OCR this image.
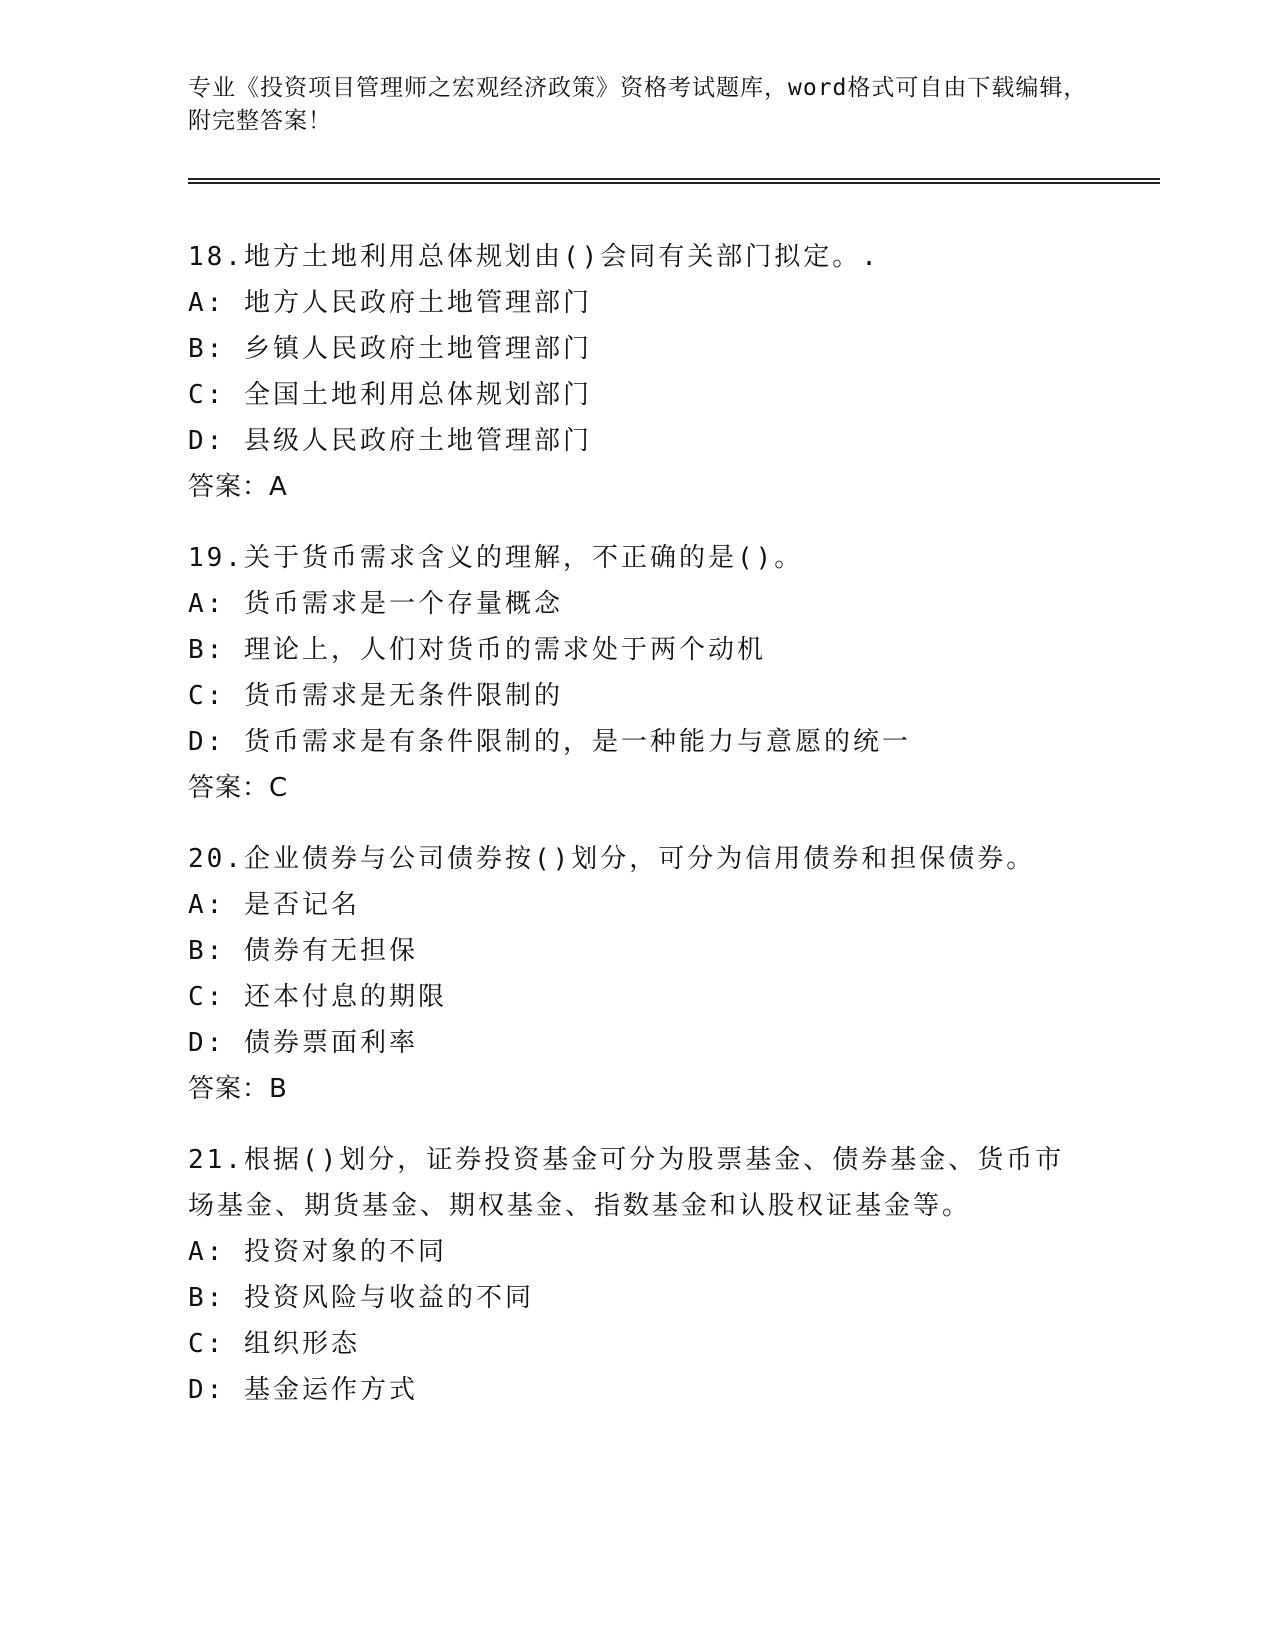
专业《投资项目管理师之宏观经济政策》资格考试题库，word格式可自由下载编辑，附完整答案！
18.地方土地利用总体规划由()会同有关部门拟定。.
A: 地方人民政府土地管理部门
B: 乡镇人民政府土地管理部门
C: 全国土地利用总体规划部门
D: 县级人民政府土地管理部门
答案：A
19.关于货币需求含义的理解，不正确的是()。
A: 货币需求是一个存量概念
B: 理论上，人们对货币的需求处于两个动机
C: 货币需求是无条件限制的
D: 货币需求是有条件限制的，是一种能力与意愿的统一
答案：C
20.企业债券与公司债券按()划分，可分为信用债券和担保债券。
A: 是否记名
B: 债券有无担保
C: 还本付息的期限
D: 债券票面利率
答案：B
21.根据()划分，证券投资基金可分为股票基金、债券基金、货币市场基金、期货基金、期权基金、指数基金和认股权证基金等。
A: 投资对象的不同
B: 投资风险与收益的不同
C: 组织形态
D: 基金运作方式
